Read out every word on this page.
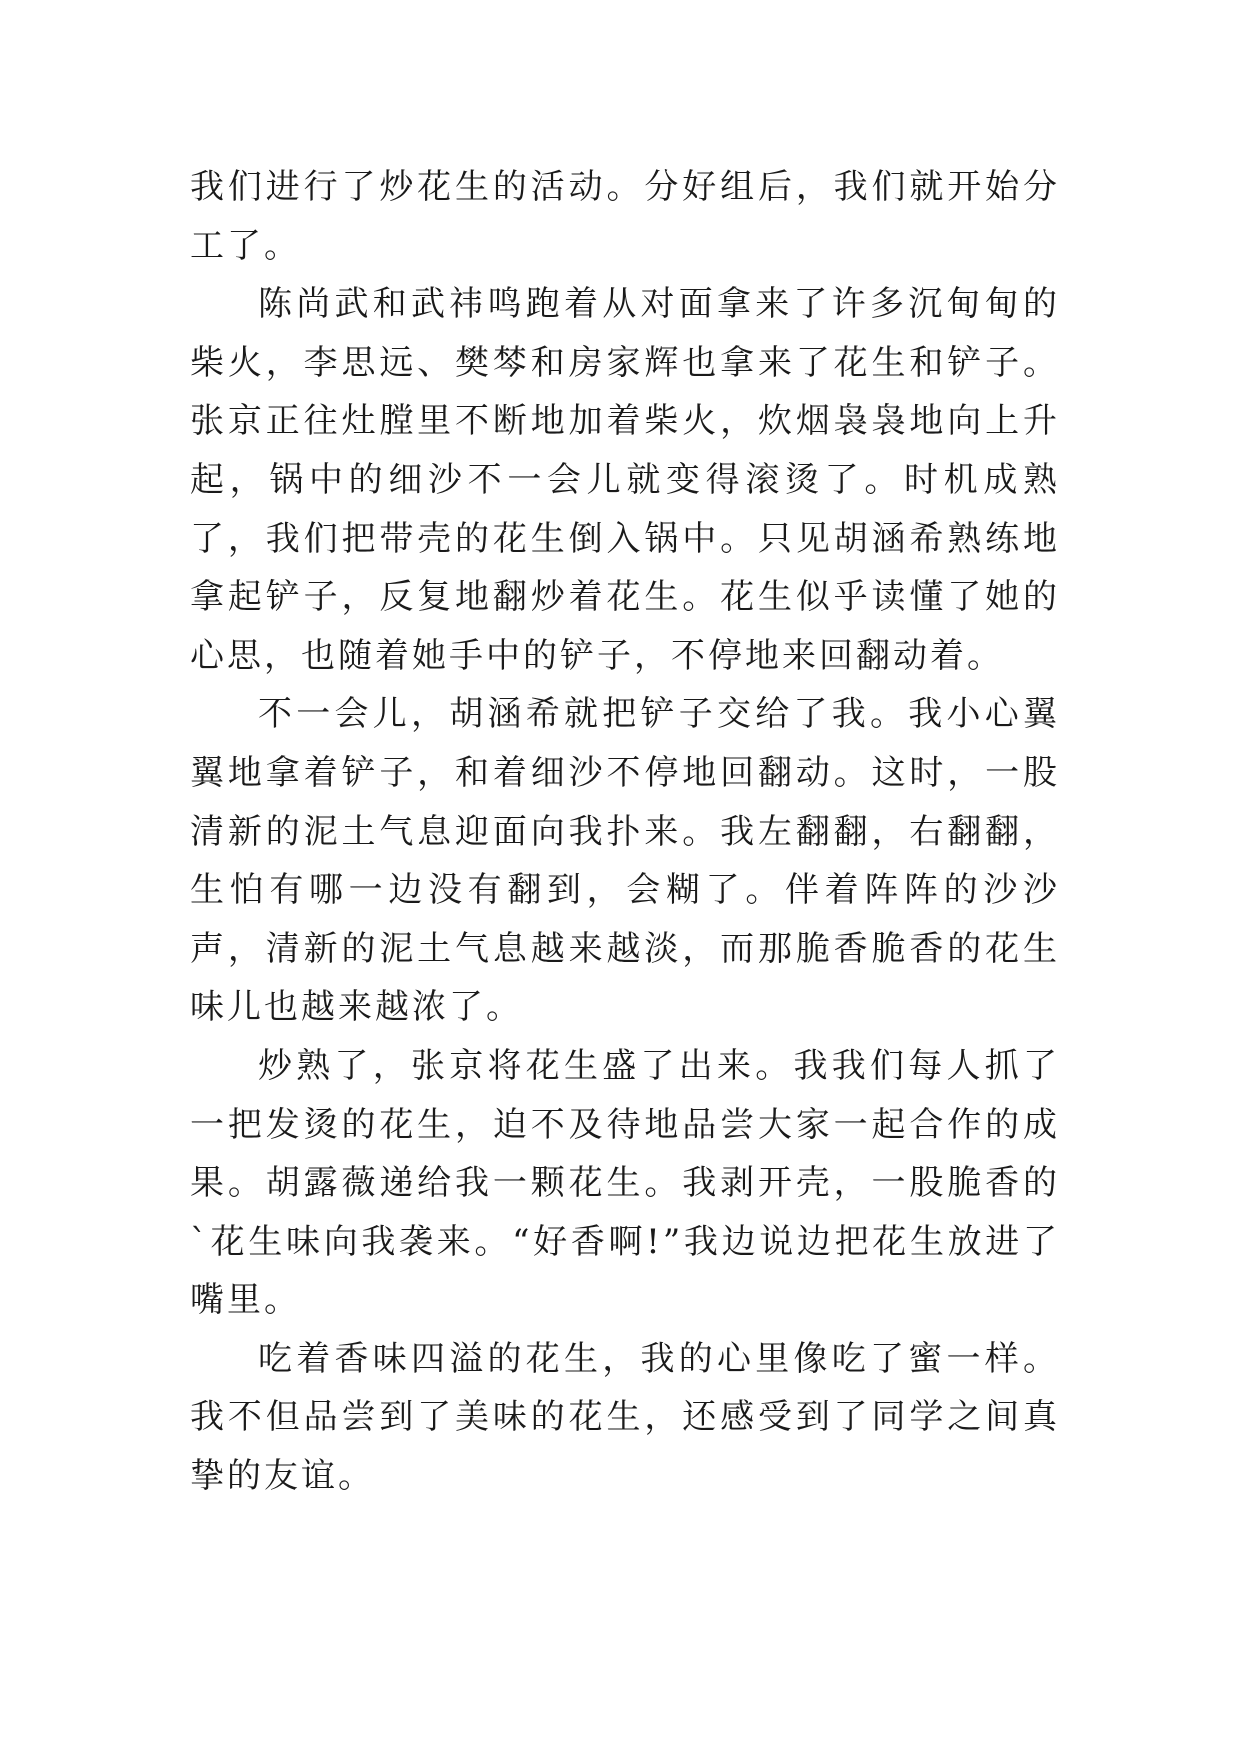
我们进行了炒花生的活动。分好组后，我们就开始分工了。

陈尚武和武祎鸣跑着从对面拿来了许多沉甸甸的柴火，李思远、樊棽和房家辉也拿来了花生和铲子。张京正往灶膛里不断地加着柴火，炊烟袅袅地向上升起，锅中的细沙不一会儿就变得滚烫了。时机成熟了，我们把带壳的花生倒入锅中。只见胡涵希熟练地拿起铲子，反复地翻炒着花生。花生似乎读懂了她的心思，也随着她手中的铲子，不停地来回翻动着。

不一会儿，胡涵希就把铲子交给了我。我小心翼翼地拿着铲子，和着细沙不停地回翻动。这时，一股清新的泥土气息迎面向我扑来。我左翻翻，右翻翻，生怕有哪一边没有翻到，会糊了。伴着阵阵的沙沙声，清新的泥土气息越来越淡，而那脆香脆香的花生味儿也越来越浓了。

炒熟了，张京将花生盛了出来。我我们每人抓了一把发烫的花生，迫不及待地品尝大家一起合作的成果。胡露薇递给我一颗花生。我剥开壳，一股脆香的`花生味向我袭来。“好香啊!”我边说边把花生放进了嘴里。

吃着香味四溢的花生，我的心里像吃了蜜一样。我不但品尝到了美味的花生，还感受到了同学之间真挚的友谊。
